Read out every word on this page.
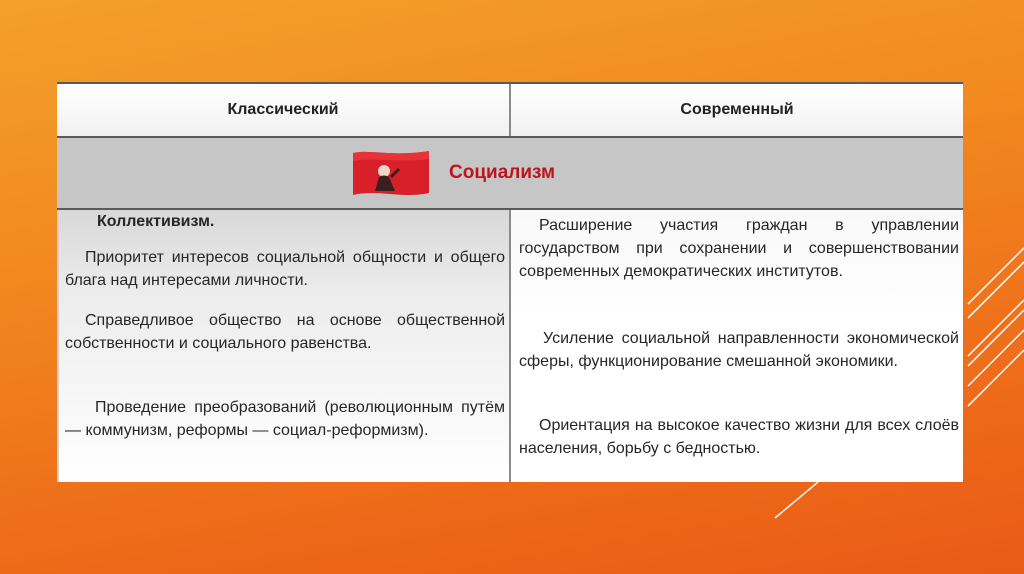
Классический	Современный
Социализм

Коллективизм.

Приоритет интересов социальной общности и общего блага над интересами личности.

Справедливое общество на основе общественной собственности и социального равенства.

Проведение преобразований (революционным путём — коммунизм, реформы — социал-реформизм).

Расширение участия граждан в управлении государством при сохранении и совершенствовании современных демократических институтов.

Усиление социальной направленности экономической сферы, функционирование смешанной экономики.

Ориентация на высокое качество жизни для всех слоёв населения, борьбу с бедностью.
